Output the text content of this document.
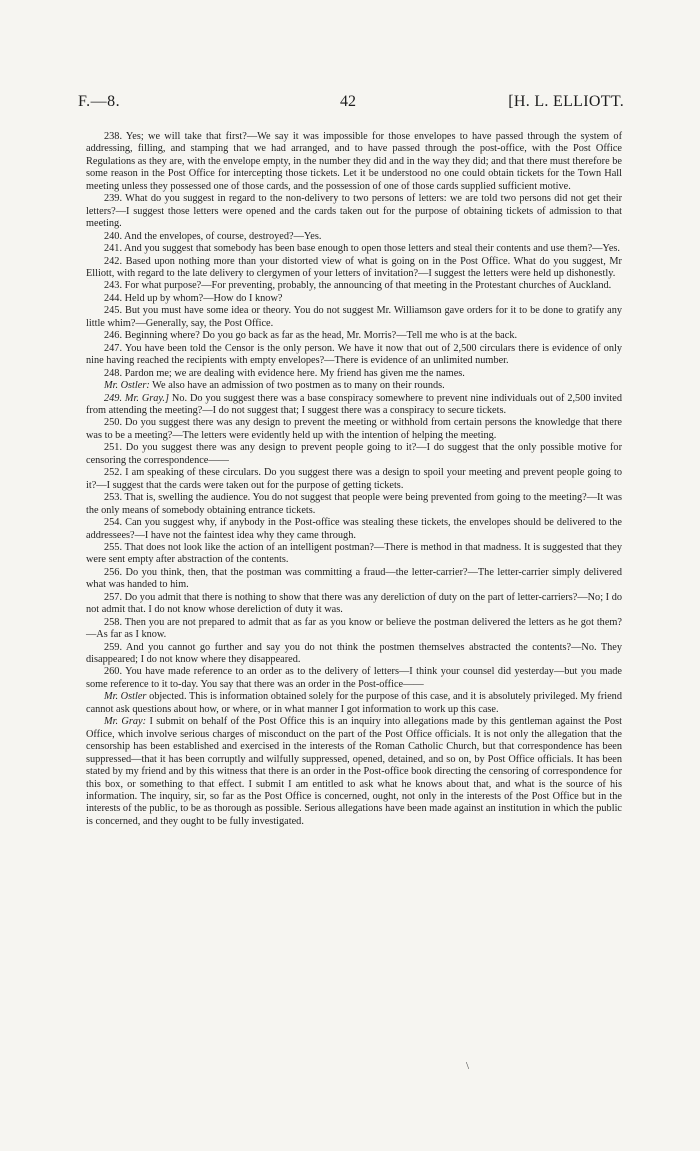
F.—8.	42	[H. L. ELLIOTT.

238. Yes; we will take that first?—We say it was impossible for those envelopes to have passed through the system of addressing, filling, and stamping that we had arranged, and to have passed through the post-office, with the Post Office Regulations as they are, with the envelope empty, in the number they did and in the way they did; and that there must therefore be some reason in the Post Office for intercepting those tickets. Let it be understood no one could obtain tickets for the Town Hall meeting unless they possessed one of those cards, and the possession of one of those cards supplied sufficient motive.

239. What do you suggest in regard to the non-delivery to two persons of letters: we are told two persons did not get their letters?—I suggest those letters were opened and the cards taken out for the purpose of obtaining tickets of admission to that meeting.

240. And the envelopes, of course, destroyed?—Yes.

241. And you suggest that somebody has been base enough to open those letters and steal their contents and use them?—Yes.

242. Based upon nothing more than your distorted view of what is going on in the Post Office. What do you suggest, Mr Elliott, with regard to the late delivery to clergymen of your letters of invitation?—I suggest the letters were held up dishonestly.

243. For what purpose?—For preventing, probably, the announcing of that meeting in the Protestant churches of Auckland.

244. Held up by whom?—How do I know?

245. But you must have some idea or theory. You do not suggest Mr. Williamson gave orders for it to be done to gratify any little whim?—Generally, say, the Post Office.

246. Beginning where? Do you go back as far as the head, Mr. Morris?—Tell me who is at the back.

247. You have been told the Censor is the only person. We have it now that out of 2,500 circulars there is evidence of only nine having reached the recipients with empty envelopes?—There is evidence of an unlimited number.

248. Pardon me; we are dealing with evidence here. My friend has given me the names.

Mr. Ostler: We also have an admission of two postmen as to many on their rounds.

249. Mr. Gray.] No. Do you suggest there was a base conspiracy somewhere to prevent nine individuals out of 2,500 invited from attending the meeting?—I do not suggest that; I suggest there was a conspiracy to secure tickets.

250. Do you suggest there was any design to prevent the meeting or withhold from certain persons the knowledge that there was to be a meeting?—The letters were evidently held up with the intention of helping the meeting.

251. Do you suggest there was any design to prevent people going to it?—I do suggest that the only possible motive for censoring the correspondence——

252. I am speaking of these circulars. Do you suggest there was a design to spoil your meeting and prevent people going to it?—I suggest that the cards were taken out for the purpose of getting tickets.

253. That is, swelling the audience. You do not suggest that people were being prevented from going to the meeting?—It was the only means of somebody obtaining entrance tickets.

254. Can you suggest why, if anybody in the Post-office was stealing these tickets, the envelopes should be delivered to the addressees?—I have not the faintest idea why they came through.

255. That does not look like the action of an intelligent postman?—There is method in that madness. It is suggested that they were sent empty after abstraction of the contents.

256. Do you think, then, that the postman was committing a fraud—the letter-carrier?—The letter-carrier simply delivered what was handed to him.

257. Do you admit that there is nothing to show that there was any dereliction of duty on the part of letter-carriers?—No; I do not admit that. I do not know whose dereliction of duty it was.

258. Then you are not prepared to admit that as far as you know or believe the postman delivered the letters as he got them?—As far as I know.

259. And you cannot go further and say you do not think the postmen themselves abstracted the contents?—No. They disappeared; I do not know where they disappeared.

260. You have made reference to an order as to the delivery of letters—I think your counsel did yesterday—but you made some reference to it to-day. You say that there was an order in the Post-office——

Mr. Ostler objected. This is information obtained solely for the purpose of this case, and it is absolutely privileged. My friend cannot ask questions about how, or where, or in what manner I got information to work up this case.

Mr. Gray: I submit on behalf of the Post Office this is an inquiry into allegations made by this gentleman against the Post Office, which involve serious charges of misconduct on the part of the Post Office officials. It is not only the allegation that the censorship has been established and exercised in the interests of the Roman Catholic Church, but that correspondence has been suppressed—that it has been corruptly and wilfully suppressed, opened, detained, and so on, by Post Office officials. It has been stated by my friend and by this witness that there is an order in the Post-office book directing the censoring of correspondence for this box, or something to that effect. I submit I am entitled to ask what he knows about that, and what is the source of his information. The inquiry, sir, so far as the Post Office is concerned, ought, not only in the interests of the Post Office but in the interests of the public, to be as thorough as possible. Serious allegations have been made against an institution in which the public is concerned, and they ought to be fully investigated.

\
